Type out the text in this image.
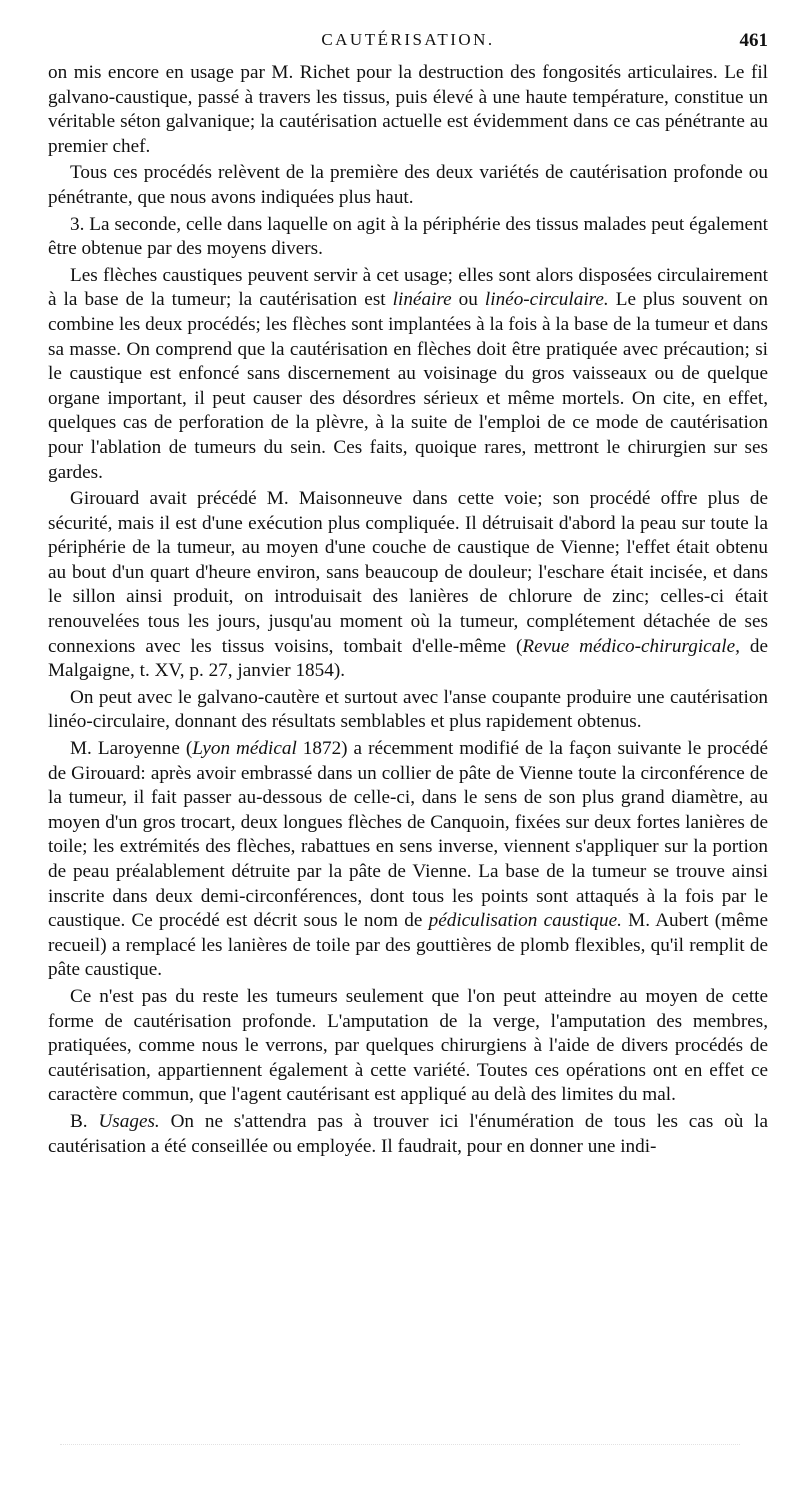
CAUTÉRISATION.	461

on mis encore en usage par M. Richet pour la destruction des fongosités articulaires. Le fil galvano-caustique, passé à travers les tissus, puis élevé à une haute température, constitue un véritable séton galvanique; la cautérisation actuelle est évidemment dans ce cas pénétrante au premier chef.

Tous ces procédés relèvent de la première des deux variétés de cautérisation profonde ou pénétrante, que nous avons indiquées plus haut.

3. La seconde, celle dans laquelle on agit à la périphérie des tissus malades peut également être obtenue par des moyens divers.

Les flèches caustiques peuvent servir à cet usage; elles sont alors disposées circulairement à la base de la tumeur; la cautérisation est linéaire ou linéo-circulaire. Le plus souvent on combine les deux procédés; les flèches sont implantées à la fois à la base de la tumeur et dans sa masse. On comprend que la cautérisation en flèches doit être pratiquée avec précaution; si le caustique est enfoncé sans discernement au voisinage du gros vaisseaux ou de quelque organe important, il peut causer des désordres sérieux et même mortels. On cite, en effet, quelques cas de perforation de la plèvre, à la suite de l'emploi de ce mode de cautérisation pour l'ablation de tumeurs du sein. Ces faits, quoique rares, mettront le chirurgien sur ses gardes.

Girouard avait précédé M. Maisonneuve dans cette voie; son procédé offre plus de sécurité, mais il est d'une exécution plus compliquée. Il détruisait d'abord la peau sur toute la périphérie de la tumeur, au moyen d'une couche de caustique de Vienne; l'effet était obtenu au bout d'un quart d'heure environ, sans beaucoup de douleur; l'eschare était incisée, et dans le sillon ainsi produit, on introduisait des lanières de chlorure de zinc; celles-ci était renouvelées tous les jours, jusqu'au moment où la tumeur, complétement détachée de ses connexions avec les tissus voisins, tombait d'elle-même (Revue médico-chirurgicale, de Malgaigne, t. XV, p. 27, janvier 1854).

On peut avec le galvano-cautère et surtout avec l'anse coupante produire une cautérisation linéo-circulaire, donnant des résultats semblables et plus rapidement obtenus.

M. Laroyenne (Lyon médical 1872) a récemment modifié de la façon suivante le procédé de Girouard: après avoir embrassé dans un collier de pâte de Vienne toute la circonférence de la tumeur, il fait passer au-dessous de celle-ci, dans le sens de son plus grand diamètre, au moyen d'un gros trocart, deux longues flèches de Canquoin, fixées sur deux fortes lanières de toile; les extrémités des flèches, rabattues en sens inverse, viennent s'appliquer sur la portion de peau préalablement détruite par la pâte de Vienne. La base de la tumeur se trouve ainsi inscrite dans deux demi-circonférences, dont tous les points sont attaqués à la fois par le caustique. Ce procédé est décrit sous le nom de pédiculisation caustique. M. Aubert (même recueil) a remplacé les lanières de toile par des gouttières de plomb flexibles, qu'il remplit de pâte caustique.

Ce n'est pas du reste les tumeurs seulement que l'on peut atteindre au moyen de cette forme de cautérisation profonde. L'amputation de la verge, l'amputation des membres, pratiquées, comme nous le verrons, par quelques chirurgiens à l'aide de divers procédés de cautérisation, appartiennent également à cette variété. Toutes ces opérations ont en effet ce caractère commun, que l'agent cautérisant est appliqué au delà des limites du mal.

B. Usages. On ne s'attendra pas à trouver ici l'énumération de tous les cas où la cautérisation a été conseillée ou employée. Il faudrait, pour en donner une indi-
